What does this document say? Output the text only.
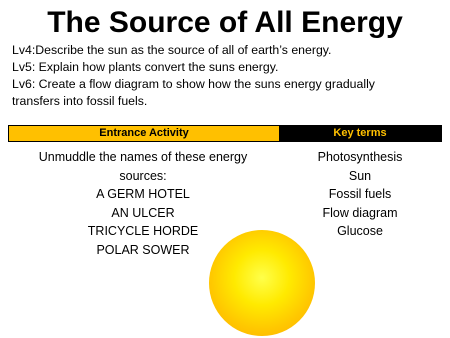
The Source of All Energy
Lv4:Describe the sun as the source of all of earth’s energy.
Lv5: Explain how plants convert the suns energy.
Lv6: Create a flow diagram to show how the suns energy gradually
transfers into fossil fuels.
Entrance Activity	Key terms
Unmuddle the names of these energy
sources:
A GERM HOTEL
AN ULCER
TRICYCLE HORDE
POLAR SOWER
Photosynthesis
Sun
Fossil fuels
Flow diagram
Glucose
